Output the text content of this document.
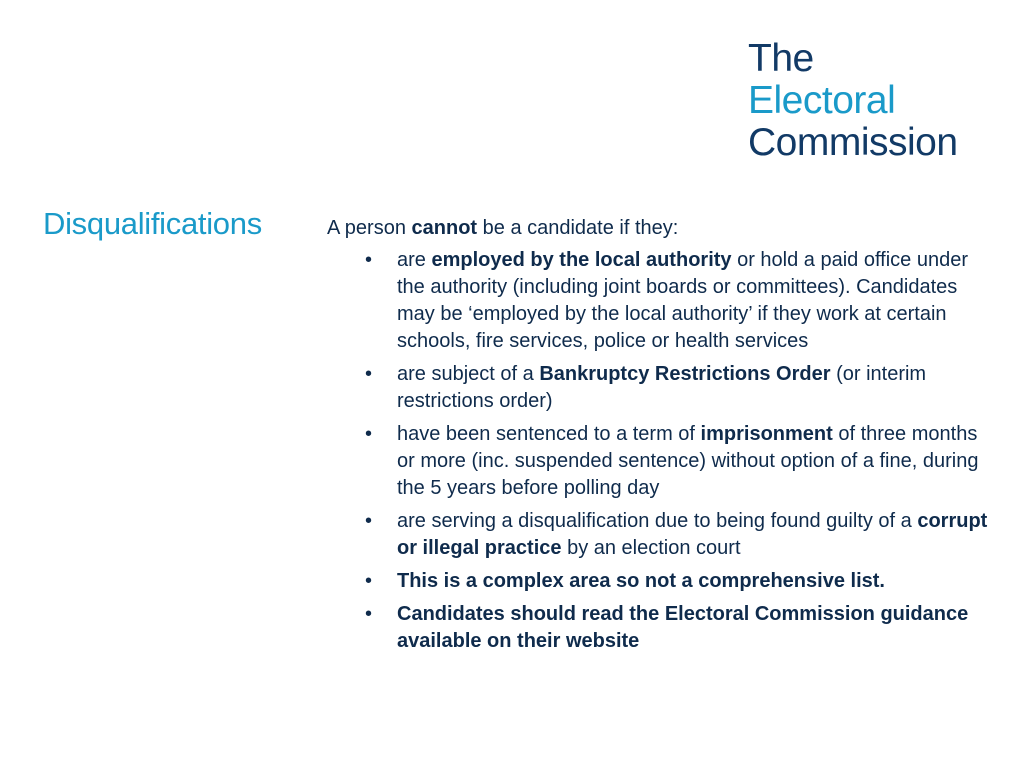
The
Electoral
Commission
Disqualifications	A person cannot be a candidate if they:
• are employed by the local authority or hold a paid office under the authority (including joint boards or committees). Candidates may be ‘employed by the local authority’ if they work at certain schools, fire services, police or health services
• are subject of a Bankruptcy Restrictions Order (or interim restrictions order)
• have been sentenced to a term of imprisonment of three months or more (inc. suspended sentence) without option of a fine, during the 5 years before polling day
• are serving a disqualification due to being found guilty of a corrupt or illegal practice by an election court
• This is a complex area so not a comprehensive list.
• Candidates should read the Electoral Commission guidance available on their website
